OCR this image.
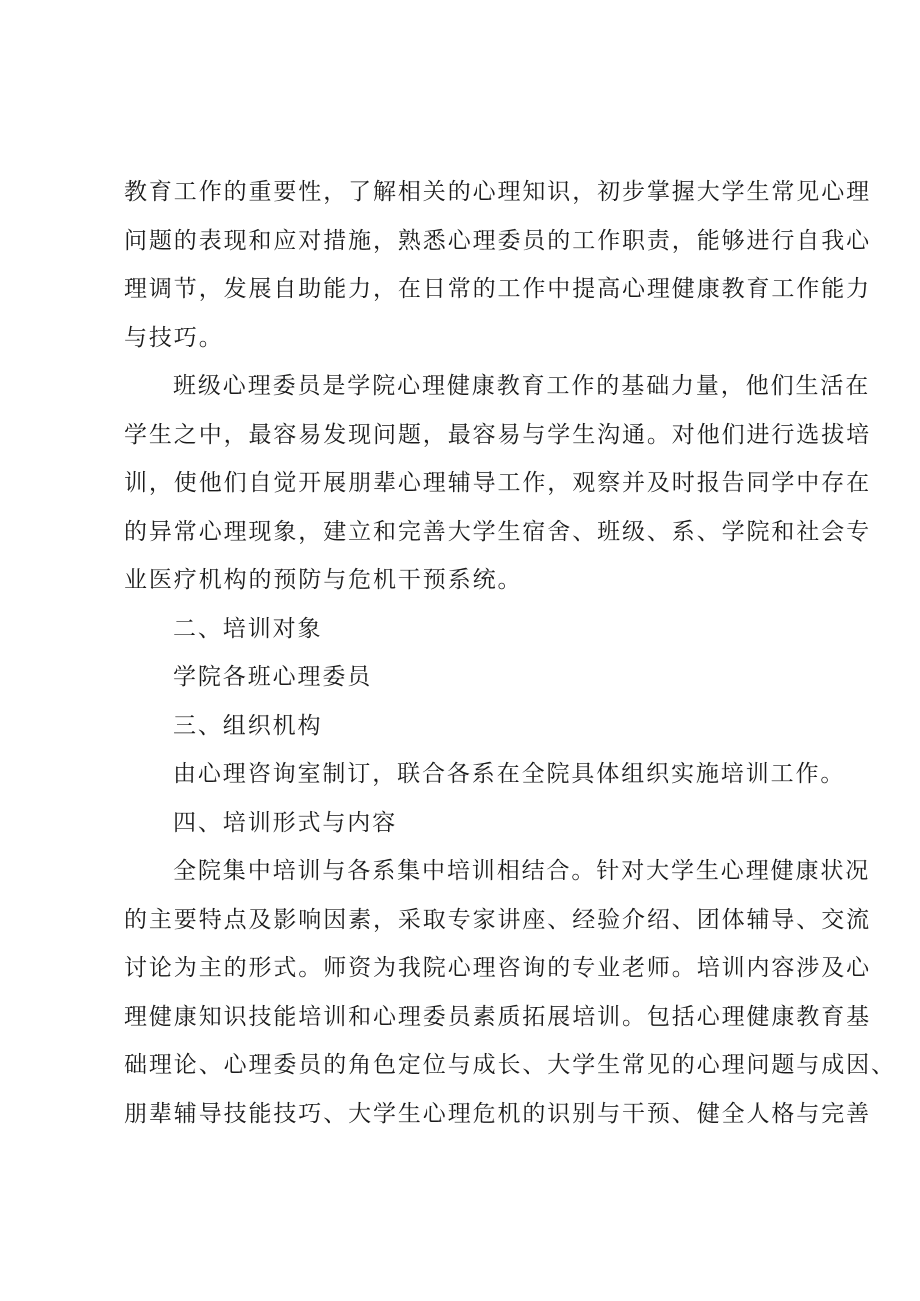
教育工作的重要性，了解相关的心理知识，初步掌握大学生常见心理
问题的表现和应对措施，熟悉心理委员的工作职责，能够进行自我心
理调节，发展自助能力，在日常的工作中提高心理健康教育工作能力
与技巧。
班级心理委员是学院心理健康教育工作的基础力量，他们生活在
学生之中，最容易发现问题，最容易与学生沟通。对他们进行选拔培
训，使他们自觉开展朋辈心理辅导工作，观察并及时报告同学中存在
的异常心理现象，建立和完善大学生宿舍、班级、系、学院和社会专
业医疗机构的预防与危机干预系统。
二、培训对象
学院各班心理委员
三、组织机构
由心理咨询室制订，联合各系在全院具体组织实施培训工作。
四、培训形式与内容
全院集中培训与各系集中培训相结合。针对大学生心理健康状况
的主要特点及影响因素，采取专家讲座、经验介绍、团体辅导、交流
讨论为主的形式。师资为我院心理咨询的专业老师。培训内容涉及心
理健康知识技能培训和心理委员素质拓展培训。包括心理健康教育基
础理论、心理委员的角色定位与成长、大学生常见的心理问题与成因、
朋辈辅导技能技巧、大学生心理危机的识别与干预、健全人格与完善
